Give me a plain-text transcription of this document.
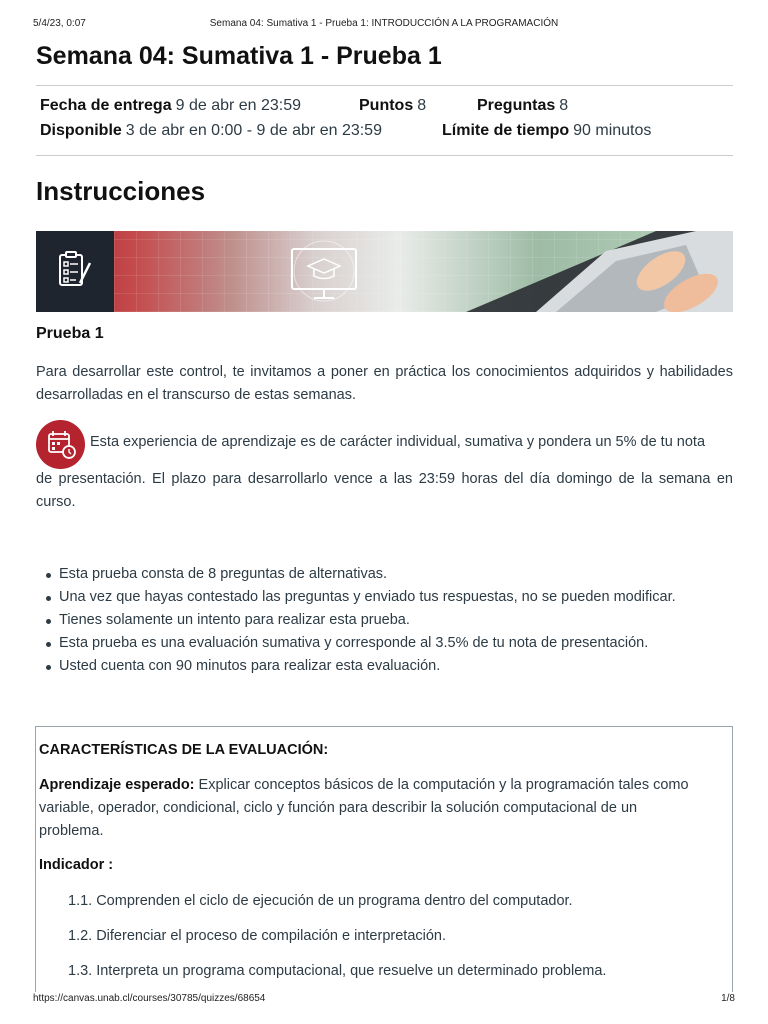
5/4/23, 0:07	Semana 04: Sumativa 1 - Prueba 1: INTRODUCCIÓN A LA PROGRAMACIÓN
Semana 04: Sumativa 1 - Prueba 1
Fecha de entrega 9 de abr en 23:59	Puntos 8	Preguntas 8
Disponible 3 de abr en 0:00 - 9 de abr en 23:59	Límite de tiempo 90 minutos
Instrucciones
Prueba 1

Para desarrollar este control, te invitamos a poner en práctica los conocimientos adquiridos y habilidades desarrolladas en el transcurso de estas semanas.

Esta experiencia de aprendizaje es de carácter individual, sumativa y pondera un 5% de tu nota

de presentación. El plazo para desarrollarlo vence a las 23:59 horas del día domingo de la semana en curso.

Esta prueba consta de 8 preguntas de alternativas.
Una vez que hayas contestado las preguntas y enviado tus respuestas, no se pueden modificar.
Tienes solamente un intento para realizar esta prueba.
Esta prueba es una evaluación sumativa y corresponde al 3.5% de tu nota de presentación.
Usted cuenta con 90 minutos para realizar esta evaluación.
CARACTERÍSTICAS DE LA EVALUACIÓN:

Aprendizaje esperado: Explicar conceptos básicos de la computación y la programación tales como variable, operador, condicional, ciclo y función para describir la solución computacional de un problema.

Indicador :
1.1. Comprenden el ciclo de ejecución de un programa dentro del computador.
1.2. Diferenciar el proceso de compilación e interpretación.
1.3. Interpreta un programa computacional, que resuelve un determinado problema.
https://canvas.unab.cl/courses/30785/quizzes/68654	1/8
